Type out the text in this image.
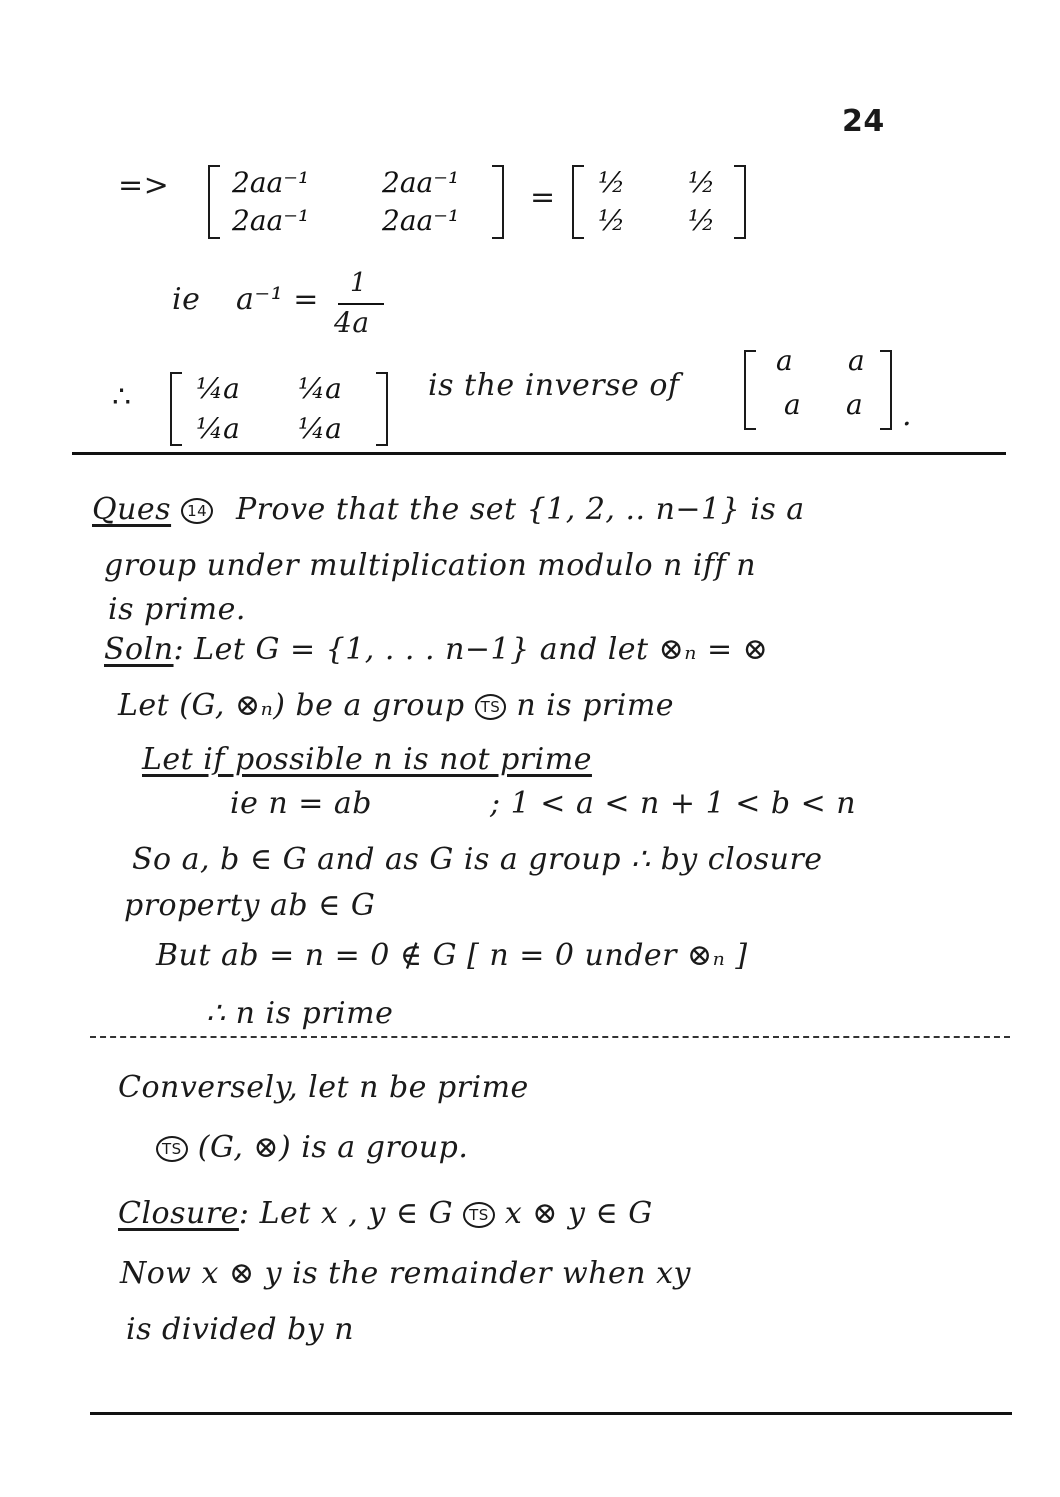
24
=> 2aa⁻¹	2aa⁻¹
2aa⁻¹	2aa⁻¹
= ½ ½
½ ½
ie a⁻¹ = 1
4a
∴ ¼a ¼a
¼a ¼a
is the inverse of
a a
a a .
Ques 14 Prove that the set {1, 2, .. n−1} is a
group under multiplication modulo n iff n
is prime.
Soln: Let G = {1, . . . n−1} and let ⊗ₙ = ⊗
Let (G, ⊗ₙ) be a group TS n is prime
Let if possible n is not prime
ie n = ab	; 1 < a < n + 1 < b < n
So a, b ∈ G and as G is a group ∴ by closure
property ab ∈ G
But ab = n = 0 ∉ G [ n = 0 under ⊗ₙ ]
∴ n is prime
Conversely, let n be prime
TS (G, ⊗) is a group.
Closure: Let x , y ∈ G TS x ⊗ y ∈ G
Now x ⊗ y is the remainder when xy
is divided by n
